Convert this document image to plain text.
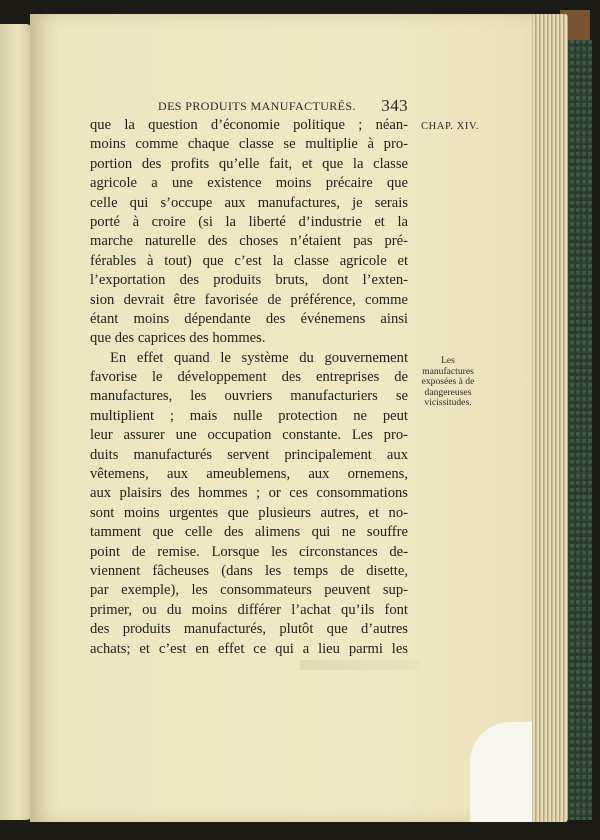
DES PRODUITS MANUFACTURÉS. 343
CHAP. XIV.
Les
manufactures
exposées à de
dangereuses
vicissitudes.
que la question d’économie politique ; néan-
moins comme chaque classe se multiplie à pro-
portion des profits qu’elle fait, et que la classe
agricole a une existence moins précaire que
celle qui s’occupe aux manufactures, je serais
porté à croire (si la liberté d’industrie et la
marche naturelle des choses n’étaient pas pré-
férables à tout) que c’est la classe agricole et
l’exportation des produits bruts, dont l’exten-
sion devrait être favorisée de préférence, comme
étant moins dépendante des événemens ainsi
que des caprices des hommes.
En effet quand le système du gouvernement
favorise le développement des entreprises de
manufactures, les ouvriers manufacturiers se
multiplient ; mais nulle protection ne peut
leur assurer une occupation constante. Les pro-
duits manufacturés servent principalement aux
vêtemens, aux ameublemens, aux ornemens,
aux plaisirs des hommes ; or ces consommations
sont moins urgentes que plusieurs autres, et no-
tamment que celle des alimens qui ne souffre
point de remise. Lorsque les circonstances de-
viennent fâcheuses (dans les temps de disette,
par exemple), les consommateurs peuvent sup-
primer, ou du moins différer l’achat qu’ils font
des produits manufacturés, plutôt que d’autres
achats; et c’est en effet ce qui a lieu parmi les
